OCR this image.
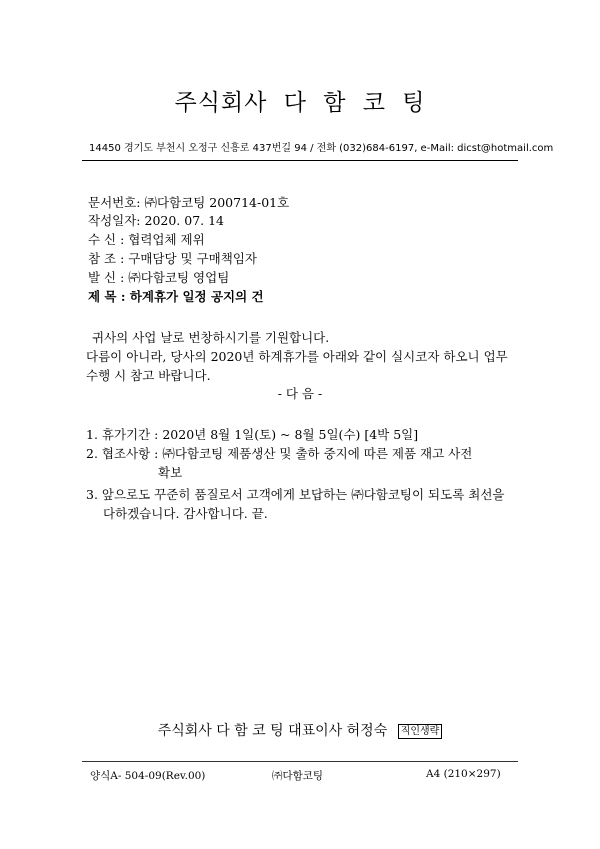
주식회사 다 함 코 팅
14450 경기도 부천시 오정구 신흥로 437번길 94 / 전화 (032)684-6197, e-Mail: dicst@hotmail.com
문서번호: ㈜다함코팅 200714-01호
작성일자: 2020. 07. 14
수 신 : 협력업체 제위
참 조 : 구매담당 및 구매책임자
발 신 : ㈜다함코팅 영업팀
제 목 : 하계휴가 일정 공지의 건
귀사의 사업 날로 번창하시기를 기원합니다.
다름이 아니라, 당사의 2020년 하계휴가를 아래와 같이 실시코자 하오니 업무
수행 시 참고 바랍니다.
- 다 음 -
1. 휴가기간 : 2020년 8월 1일(토) ~ 8월 5일(수) [4박 5일]
2. 협조사항 : ㈜다함코팅 제품생산 및 출하 중지에 따른 제품 재고 사전
확보
3. 앞으로도 꾸준히 품질로서 고객에게 보답하는 ㈜다함코팅이 되도록 최선을
다하겠습니다. 감사합니다. 끝.
주식회사 다 함 코 팅 대표이사 허정숙 직인생략
양식A- 504-09(Rev.00)	㈜다함코팅	A4 (210×297)
